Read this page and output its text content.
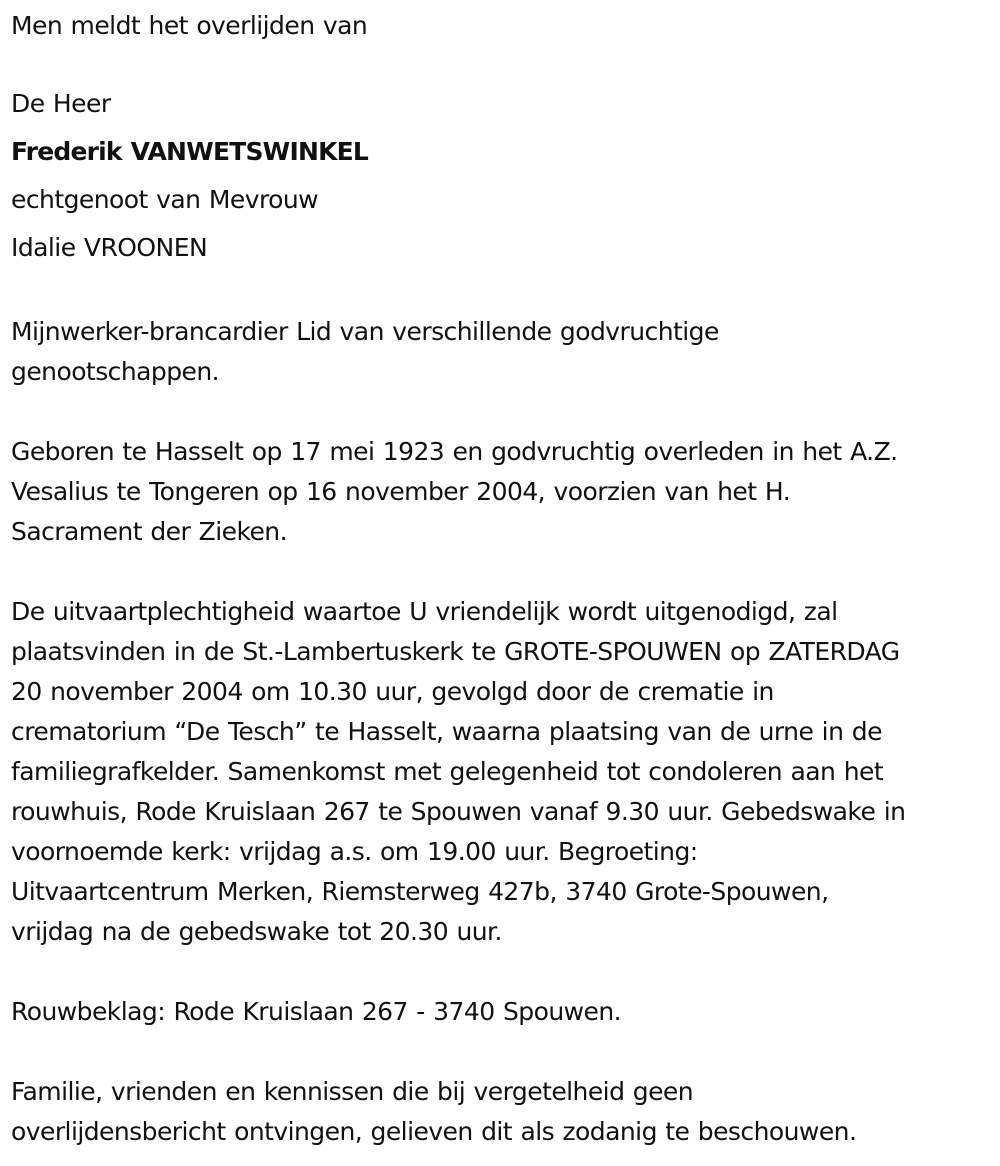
Men meldt het overlijden van

De Heer

Frederik VANWETSWINKEL

echtgenoot van Mevrouw

Idalie VROONEN

Mijnwerker-brancardier Lid van verschillende godvruchtige

genootschappen.

Geboren te Hasselt op 17 mei 1923 en godvruchtig overleden in het A.Z.

Vesalius te Tongeren op 16 november 2004, voorzien van het H.

Sacrament der Zieken.

De uitvaartplechtigheid waartoe U vriendelijk wordt uitgenodigd, zal

plaatsvinden in de St.-Lambertuskerk te GROTE-SPOUWEN op ZATERDAG

20 november 2004 om 10.30 uur, gevolgd door de crematie in

crematorium “De Tesch” te Hasselt, waarna plaatsing van de urne in de

familiegrafkelder. Samenkomst met gelegenheid tot condoleren aan het

rouwhuis, Rode Kruislaan 267 te Spouwen vanaf 9.30 uur. Gebedswake in

voornoemde kerk: vrijdag a.s. om 19.00 uur. Begroeting:

Uitvaartcentrum Merken, Riemsterweg 427b, 3740 Grote-Spouwen,

vrijdag na de gebedswake tot 20.30 uur.

Rouwbeklag: Rode Kruislaan 267 - 3740 Spouwen.

Familie, vrienden en kennissen die bij vergetelheid geen

overlijdensbericht ontvingen, gelieven dit als zodanig te beschouwen.
